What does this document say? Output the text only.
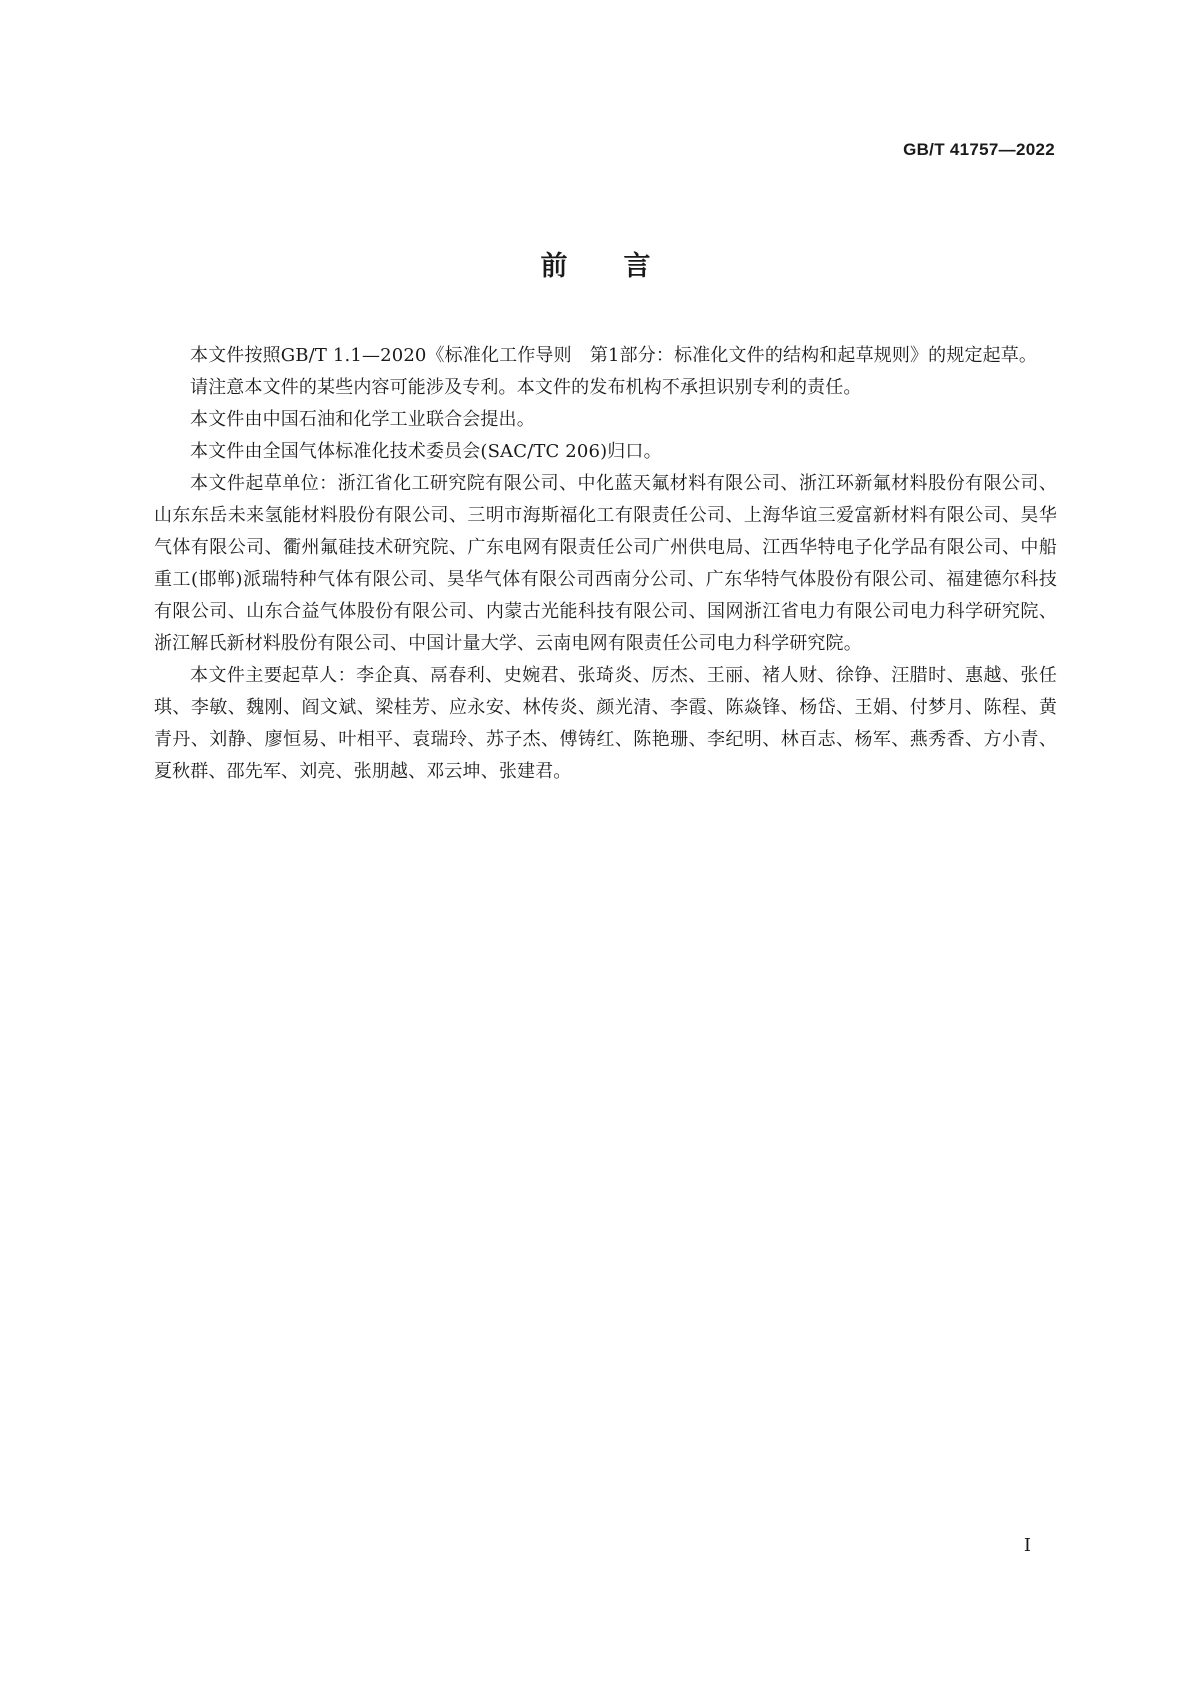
GB/T 41757—2022
前言

本文件按照GB/T 1.1—2020《标准化工作导则　第1部分：标准化文件的结构和起草规则》的规定起草。

请注意本文件的某些内容可能涉及专利。本文件的发布机构不承担识别专利的责任。

本文件由中国石油和化学工业联合会提出。

本文件由全国气体标准化技术委员会(SAC/TC 206)归口。

本文件起草单位：浙江省化工研究院有限公司、中化蓝天氟材料有限公司、浙江环新氟材料股份有限公司、山东东岳未来氢能材料股份有限公司、三明市海斯福化工有限责任公司、上海华谊三爱富新材料有限公司、昊华气体有限公司、衢州氟硅技术研究院、广东电网有限责任公司广州供电局、江西华特电子化学品有限公司、中船重工(邯郸)派瑞特种气体有限公司、昊华气体有限公司西南分公司、广东华特气体股份有限公司、福建德尔科技有限公司、山东合益气体股份有限公司、内蒙古光能科技有限公司、国网浙江省电力有限公司电力科学研究院、浙江解氏新材料股份有限公司、中国计量大学、云南电网有限责任公司电力科学研究院。

本文件主要起草人：李企真、鬲春利、史婉君、张琦炎、厉杰、王丽、褚人财、徐铮、汪腊时、惠越、张任琪、李敏、魏刚、阎文斌、梁桂芳、应永安、林传炎、颜光清、李霞、陈焱锋、杨岱、王娟、付梦月、陈程、黄青丹、刘静、廖恒易、叶相平、袁瑞玲、苏子杰、傅铸红、陈艳珊、李纪明、林百志、杨军、燕秀香、方小青、夏秋群、邵先军、刘亮、张朋越、邓云坤、张建君。

I
